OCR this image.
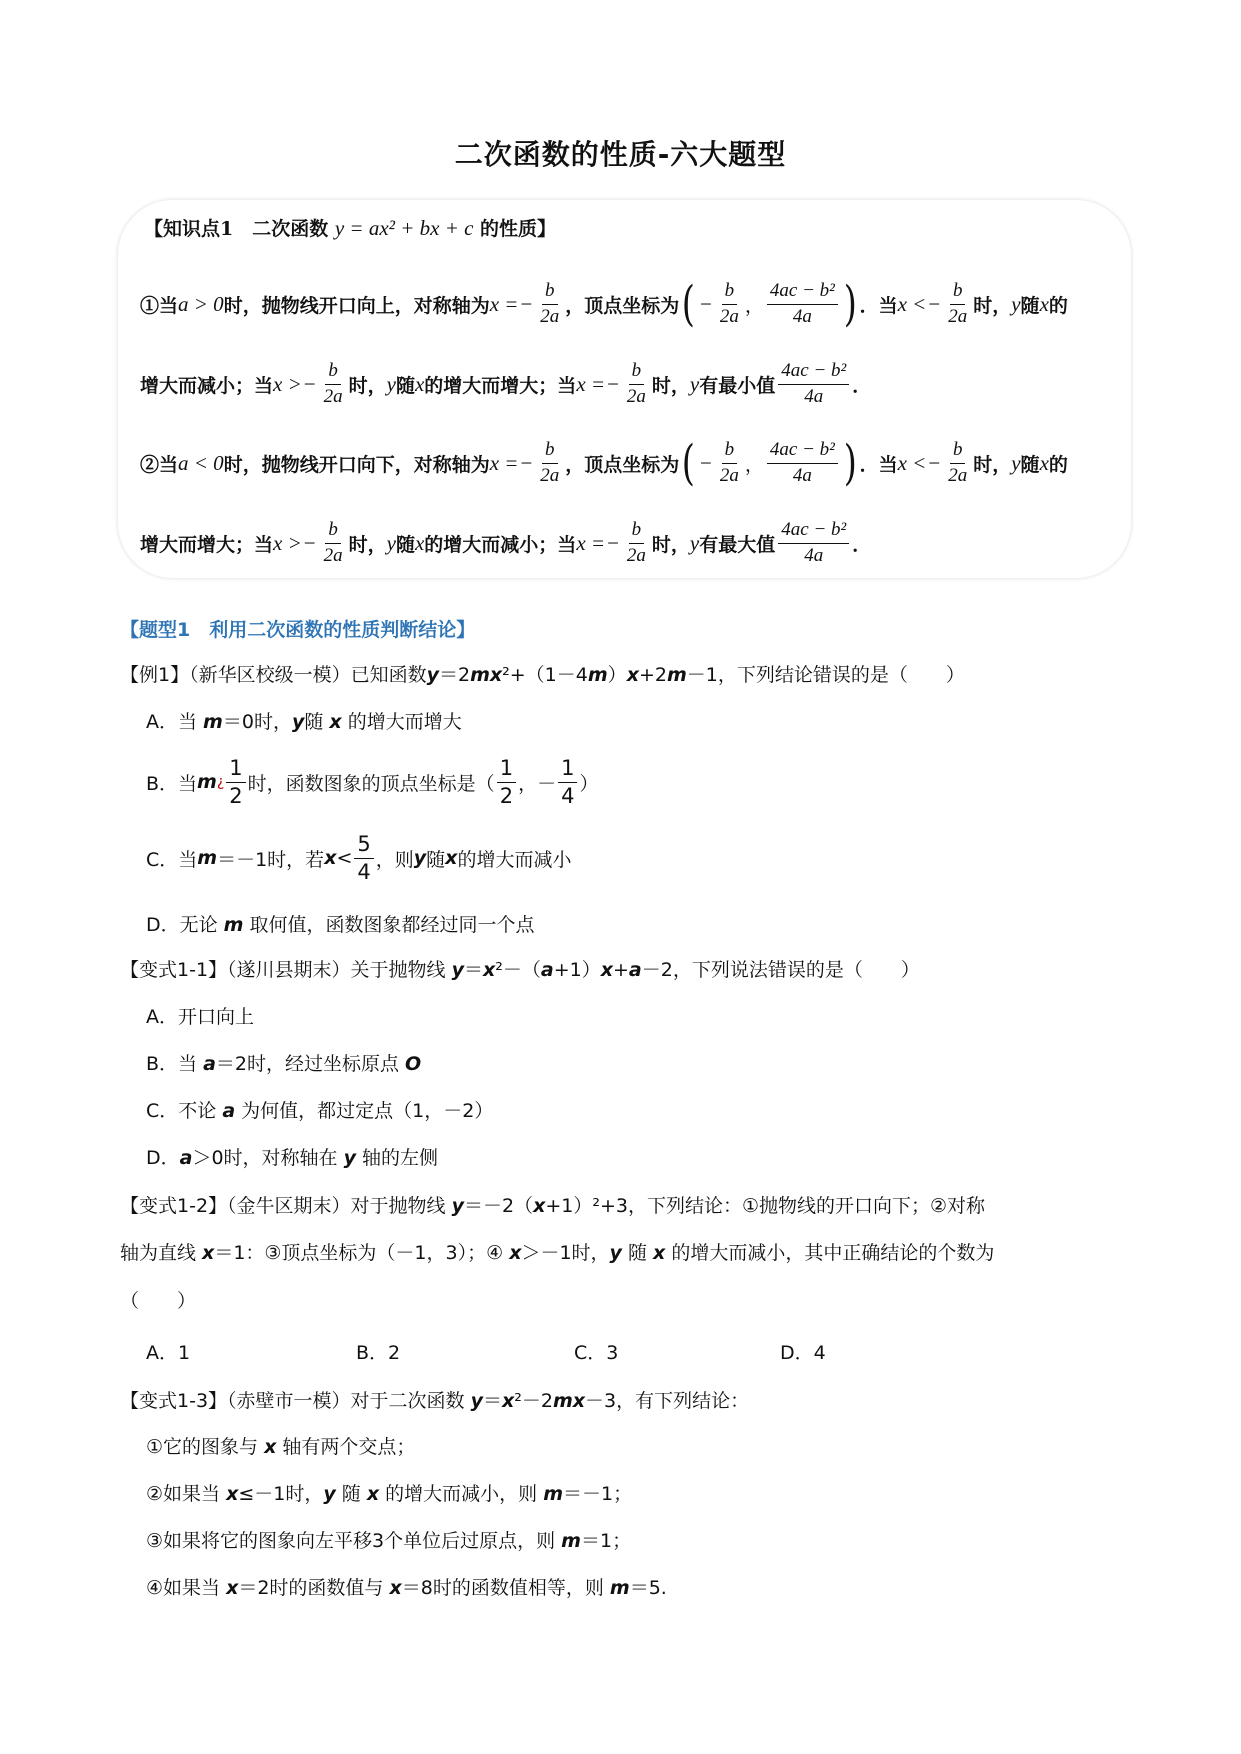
二次函数的性质-六大题型
【知识点1　二次函数 y = ax² + bx + c 的性质】
①当 a > 0 时，抛物线开口向上，对称轴为 x = − $\frac{b}{2a}$ ，顶点坐标为 ( − $\frac{b}{2a}$ ， $\frac{\text{4ac − b²}}{4a}$ ) ．当 x < − $\frac{b}{2a}$ 时， y 随 x 的
增大而减小；当 x > − $\frac{b}{2a}$ 时， y 随 x 的增大而增大；当 x = − $\frac{b}{2a}$ 时， y 有最小值 $\frac{\text{4ac − b²}}{4a}$ ．
②当 a < 0 时，抛物线开口向下，对称轴为 x = − $\frac{b}{2a}$ ，顶点坐标为 ( − $\frac{b}{2a}$ ， $\frac{\text{4ac − b²}}{4a}$ ) ．当 x < − $\frac{b}{2a}$ 时， y 随 x 的
增大而增大；当 x > − $\frac{b}{2a}$ 时， y 随 x 的增大而减小；当 x = − $\frac{b}{2a}$ 时， y 有最大值 $\frac{\text{4ac − b²}}{4a}$ ．
【题型1　利用二次函数的性质判断结论】
【例1】（新华区校级一模）已知函数y＝2mx²+（1－4m）x+2m－1，下列结论错误的是（　　）
A．当 m＝0时，y随 x 的增大而增大
B．当 m ¿ $\frac{1}{2}$ 时，函数图象的顶点坐标是（ $\frac{1}{2}$ ，－ $\frac{1}{4}$ ）
C．当 m ＝－1时，若 $x < \frac{5}{4}$ ，则 y 随 x 的增大而减小
D．无论 m 取何值，函数图象都经过同一个点
【变式1-1】（遂川县期末）关于抛物线 y＝x²－（a+1）x+a－2，下列说法错误的是（　　）
A．开口向上
B．当 a＝2时，经过坐标原点 O
C．不论 a 为何值，都过定点（1，－2）
D．a＞0时，对称轴在 y 轴的左侧
【变式1-2】（金牛区期末）对于抛物线 y＝－2（x+1）²+3，下列结论：①抛物线的开口向下；②对称
轴为直线 x＝1：③顶点坐标为（－1，3）；④ x＞－1时，y 随 x 的增大而减小，其中正确结论的个数为
（　　）
A．1	B．2	C．3	D．4
【变式1-3】（赤壁市一模）对于二次函数 y＝x²－2mx－3，有下列结论：
①它的图象与 x 轴有两个交点；
②如果当 x≤－1时，y 随 x 的增大而减小，则 m＝－1；
③如果将它的图象向左平移3个单位后过原点，则 m＝1；
④如果当 x＝2时的函数值与 x＝8时的函数值相等，则 m＝5.
